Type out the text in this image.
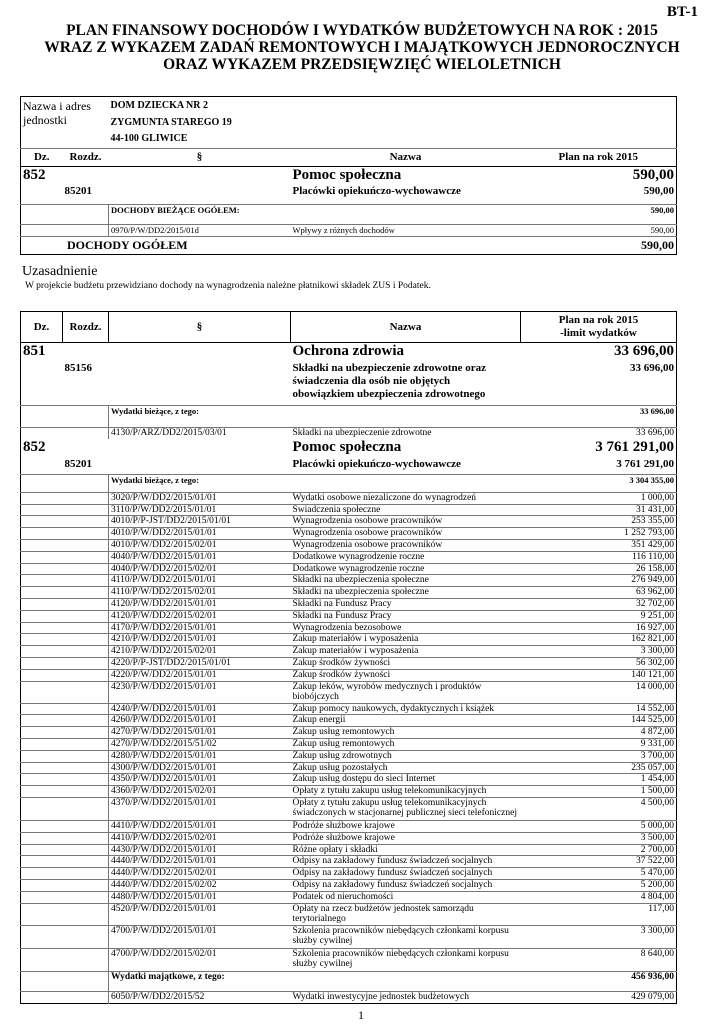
BT-1
PLAN FINANSOWY DOCHODÓW I WYDATKÓW BUDŻETOWYCH NA ROK : 2015
WRAZ Z WYKAZEM ZADAŃ REMONTOWYCH I MAJĄTKOWYCH JEDNOROCZNYCH
ORAZ WYKAZEM PRZEDSIĘWZIĘĆ WIELOLETNICH
Nazwa i adres jednostki		DOM DZIECKA NR 2
ZYGMUNTA STAREGO 19
44-100 GLIWICE		

Dz.	Rozdz.	§	Nazwa	Plan na rok 2015
852			Pomoc społeczna	590,00
	85201		Placówki opiekuńczo-wychowawcze	590,00
		DOCHODY BIEŻĄCE OGÓŁEM:		590,00
		0970/P/W/DD2/2015/01d	Wpływy z różnych dochodów	590,00
DOCHODY OGÓŁEM				590,00
Uzasadnienie
W projekcie budżetu przewidziano dochody na wynagrodzenia należne płatnikowi składek ZUS i Podatek.
Dz.	Rozdz.	§	Nazwa	Plan na rok 2015
-limit wydatków
851			Ochrona zdrowia	33 696,00
	85156		Składki na ubezpieczenie zdrowotne oraz
świadczenia dla osób nie objętych
obowiązkiem ubezpieczenia zdrowotnego	33 696,00
		Wydatki bieżące, z tego:		33 696,00
		4130/P/ARZ/DD2/2015/03/01	Składki na ubezpieczenie zdrowotne	33 696,00
852			Pomoc społeczna	3 761 291,00
	85201		Placówki opiekuńczo-wychowawcze	3 761 291,00
		Wydatki bieżące, z tego:		3 304 355,00
		3020/P/W/DD2/2015/01/01	Wydatki osobowe niezaliczone do wynagrodzeń	1 000,00
		3110/P/W/DD2/2015/01/01	Świadczenia społeczne	31 431,00
		4010/P/P-JST/DD2/2015/01/01	Wynagrodzenia osobowe pracowników	253 355,00
		4010/P/W/DD2/2015/01/01	Wynagrodzenia osobowe pracowników	1 252 793,00
		4010/P/W/DD2/2015/02/01	Wynagrodzenia osobowe pracowników	351 429,00
		4040/P/W/DD2/2015/01/01	Dodatkowe wynagrodzenie roczne	116 110,00
		4040/P/W/DD2/2015/02/01	Dodatkowe wynagrodzenie roczne	26 158,00
		4110/P/W/DD2/2015/01/01	Składki na ubezpieczenia społeczne	276 949,00
		4110/P/W/DD2/2015/02/01	Składki na ubezpieczenia społeczne	63 962,00
		4120/P/W/DD2/2015/01/01	Składki na Fundusz Pracy	32 702,00
		4120/P/W/DD2/2015/02/01	Składki na Fundusz Pracy	9 251,00
		4170/P/W/DD2/2015/01/01	Wynagrodzenia bezosobowe	16 927,00
		4210/P/W/DD2/2015/01/01	Zakup materiałów i wyposażenia	162 821,00
		4210/P/W/DD2/2015/02/01	Zakup materiałów i wyposażenia	3 300,00
		4220/P/P-JST/DD2/2015/01/01	Zakup środków żywności	56 302,00
		4220/P/W/DD2/2015/01/01	Zakup środków żywności	140 121,00
		4230/P/W/DD2/2015/01/01	Zakup leków, wyrobów medycznych i produktów biobójczych	14 000,00
		4240/P/W/DD2/2015/01/01	Zakup pomocy naukowych, dydaktycznych i książek	14 552,00
		4260/P/W/DD2/2015/01/01	Zakup energii	144 525,00
		4270/P/W/DD2/2015/01/01	Zakup usług remontowych	4 872,00
		4270/P/W/DD2/2015/51/02	Zakup usług remontowych	9 331,00
		4280/P/W/DD2/2015/01/01	Zakup usług zdrowotnych	3 700,00
		4300/P/W/DD2/2015/01/01	Zakup usług pozostałych	235 057,00
		4350/P/W/DD2/2015/01/01	Zakup usług dostępu do sieci Internet	1 454,00
		4360/P/W/DD2/2015/02/01	Opłaty z tytułu zakupu usług telekomunikacyjnych	1 500,00
		4370/P/W/DD2/2015/01/01	Opłaty z tytułu zakupu usług telekomunikacyjnych
świadczonych w stacjonarnej publicznej sieci telefonicznej	4 500,00
		4410/P/W/DD2/2015/01/01	Podróże służbowe krajowe	5 000,00
		4410/P/W/DD2/2015/02/01	Podróże służbowe krajowe	3 500,00
		4430/P/W/DD2/2015/01/01	Różne opłaty i składki	2 700,00
		4440/P/W/DD2/2015/01/01	Odpisy na zakładowy fundusz świadczeń socjalnych	37 522,00
		4440/P/W/DD2/2015/02/01	Odpisy na zakładowy fundusz świadczeń socjalnych	5 470,00
		4440/P/W/DD2/2015/02/02	Odpisy na zakładowy fundusz świadczeń socjalnych	5 200,00
		4480/P/W/DD2/2015/01/01	Podatek od nieruchomości	4 804,00
		4520/P/W/DD2/2015/01/01	Opłaty na rzecz budżetów jednostek samorządu terytorialnego	117,00
		4700/P/W/DD2/2015/01/01	Szkolenia pracowników niebędących członkami korpusu
służby cywilnej	3 300,00
		4700/P/W/DD2/2015/02/01	Szkolenia pracowników niebędących członkami korpusu
służby cywilnej	8 640,00
		Wydatki majątkowe, z tego:		456 936,00
		6050/P/W/DD2/2015/52	Wydatki inwestycyjne jednostek budżetowych	429 079,00
1
